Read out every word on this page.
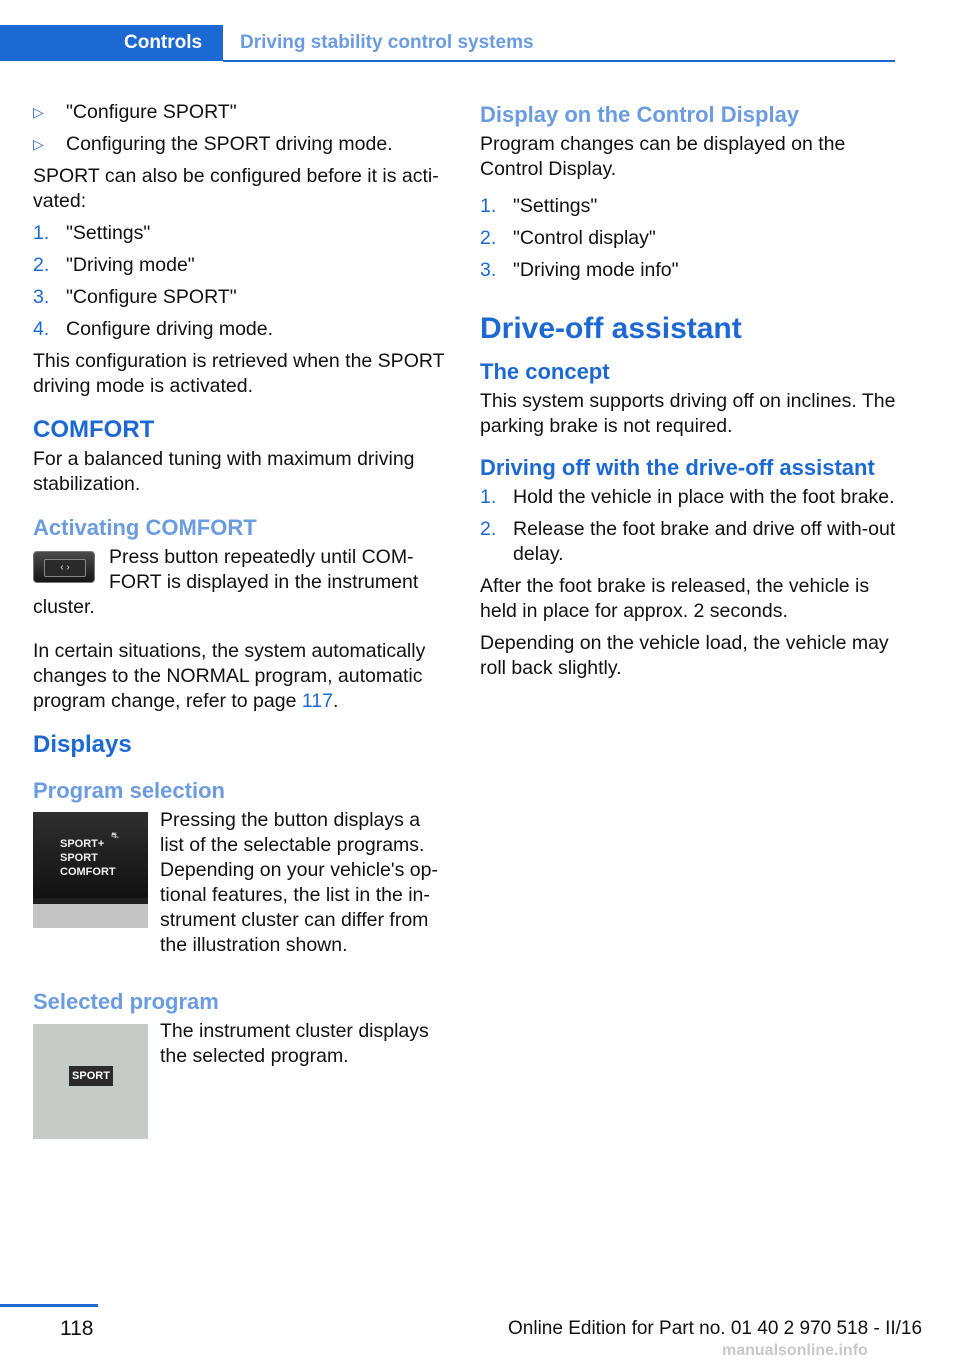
Controls	Driving stability control systems
▷ "Configure SPORT"
▷ Configuring the SPORT driving mode.

SPORT can also be configured before it is acti‐vated:

1. "Settings"
2. "Driving mode"
3. "Configure SPORT"
4. Configure driving mode.

This configuration is retrieved when the SPORT driving mode is activated.

COMFORT

For a balanced tuning with maximum driving stabilization.

Activating COMFORT
‹ ›	Press button repeatedly until COM‐FORT is displayed in the instrument cluster.

In certain situations, the system automatically changes to the NORMAL program, automatic program change, refer to page 117.

Displays
Program selection
SPORT+
SPORT
COMFORT
⛐

Pressing the button displays a list of the selectable programs. Depending on your vehicle's op‐tional features, the list in the in‐strument cluster can differ from the illustration shown.

Selected program
SPORT

The instrument cluster displays the selected program.

Display on the Control Display

Program changes can be displayed on the Control Display.

1. "Settings"
2. "Control display"
3. "Driving mode info"
Drive-off assistant
The concept

This system supports driving off on inclines. The parking brake is not required.

Driving off with the drive-off assistant
1. Hold the vehicle in place with the foot brake.
2. Release the foot brake and drive off with‐out delay.

After the foot brake is released, the vehicle is held in place for approx. 2 seconds.

Depending on the vehicle load, the vehicle may roll back slightly.

118	Online Edition for Part no. 01 40 2 970 518 - II/16
manualsonline.info
